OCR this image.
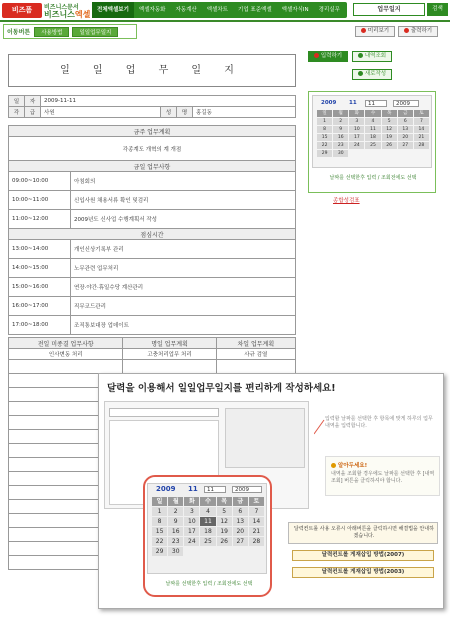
비즈폼	비즈니스문서
비즈니스엑셀	전체엑셀보기	엑셀자동화	자동계산	엑셀차트	기업 표준엑셀	엑셀자식IN	경리실무	업무일지	검색
이동버튼	사용방법	일일업무일지	미리보기	출력하기
일 일 업 무 일 지
일	자	2009-11-11			
각	급	사원	성	명	홍길동
금주 업무계획	
각종계도 개혁의 계 개점	
금일 업무사항	
09:00~10:00	아침회의
10:00~11:00	신입사원 채용서류 확인 및검리
11:00~12:00	2009년도 신사업 수행계획서 작성
점심시간	
13:00~14:00	개인신상기록부 관리
14:00~15:00	노무관련 업무처리
15:00~16:00	연장·야간·휴일수당 계산관리
16:00~17:00	직무코드관리
17:00~18:00	조직통보대장 업데이트
전일 미종결 업무사항	명일 업무계획	차일 업무계획
인사변동 처리	고충처리업무 처리	사규 검열

입력하기	내역조회
새로작성
2009 11	11	2009
일	월	화	수	목	금	토
1	2	3	4	5	6	7
8	9	10	11	12	13	14
15	16	17	18	19	20	21
22	23	24	25	26	27	28
29	30
날짜를 선택한후 입력 / 조회전에도 선택
종합성검표
달력을 이용해서 일일업무일지를 편리하게 작성하세요!
입력할 날짜를 선택한 후 항목에 맞게 하루의 업무내역을 입력합니다.
알아두세요!
내역을 조회할 경우에도 날짜를 선택한 후 [내역조회] 버튼을 클릭하셔야 합니다.
2009 11	11	2009
일	월	화	수	목	금	토
1	2	3	4	5	6	7
8	9	10	11	12	13	14
15	16	17	18	19	20	21
22	23	24	25	26	27	28
29	30
날짜를 선택한후 입력 / 조회전에도 선택
달력컨트롤 사용 오류시 아래버튼을 클릭하시면 해결법을 안내하겠습니다.
달력컨트롤 게재삽입 방법(2007)
달력컨트롤 게재삽입 방법(2003)
